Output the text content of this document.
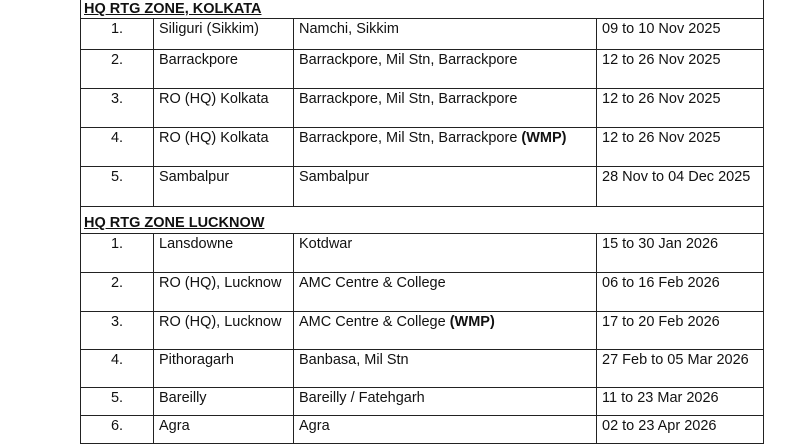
HQ RTG ZONE, KOLKATA			
1.	Siliguri (Sikkim)	Namchi, Sikkim	09 to 10 Nov 2025
2.	Barrackpore	Barrackpore, Mil Stn, Barrackpore	12 to 26 Nov 2025
3.	RO (HQ) Kolkata	Barrackpore, Mil Stn, Barrackpore	12 to 26 Nov 2025
4.	RO (HQ) Kolkata	Barrackpore, Mil Stn, Barrackpore (WMP)	12 to 26 Nov 2025
5.	Sambalpur	Sambalpur	28 Nov to 04 Dec 2025
HQ RTG ZONE LUCKNOW			
1.	Lansdowne	Kotdwar	15 to 30 Jan 2026
2.	RO (HQ), Lucknow	AMC Centre & College	06 to 16 Feb 2026
3.	RO (HQ), Lucknow	AMC Centre & College (WMP)	17 to 20 Feb 2026
4.	Pithoragarh	Banbasa, Mil Stn	27 Feb to 05 Mar 2026
5.	Bareilly	Bareilly / Fatehgarh	11 to 23 Mar 2026
6.	Agra	Agra	02 to 23 Apr 2026
